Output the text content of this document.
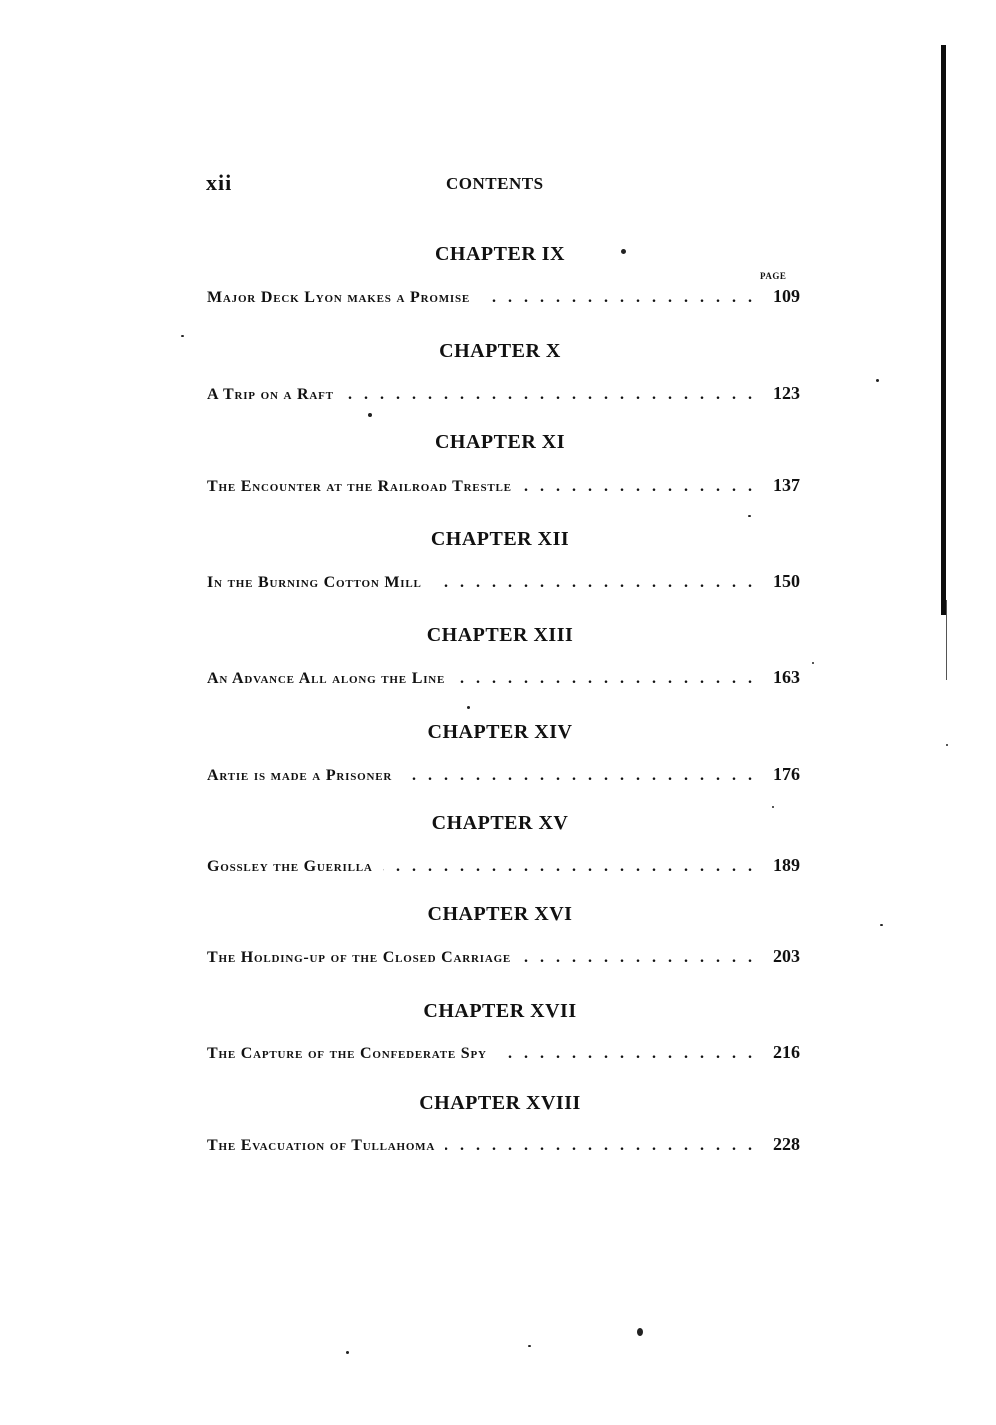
xii	CONTENTS
PAGE
CHAPTER IX
Major Deck Lyon makes a Promise . . .	109
CHAPTER X
A Trip on a Raft . . .	123
CHAPTER XI
The Encounter at the Railroad Trestle . . .	137
CHAPTER XII
In the Burning Cotton Mill . . .	150
CHAPTER XIII
An Advance All along the Line . . .	163
CHAPTER XIV
Artie is made a Prisoner . . .	176
CHAPTER XV
Gossley the Guerilla . . .	189
CHAPTER XVI
The Holding-up of the Closed Carriage . . .	203
CHAPTER XVII
The Capture of the Confederate Spy . . .	216
CHAPTER XVIII
The Evacuation of Tullahoma . . .	228
